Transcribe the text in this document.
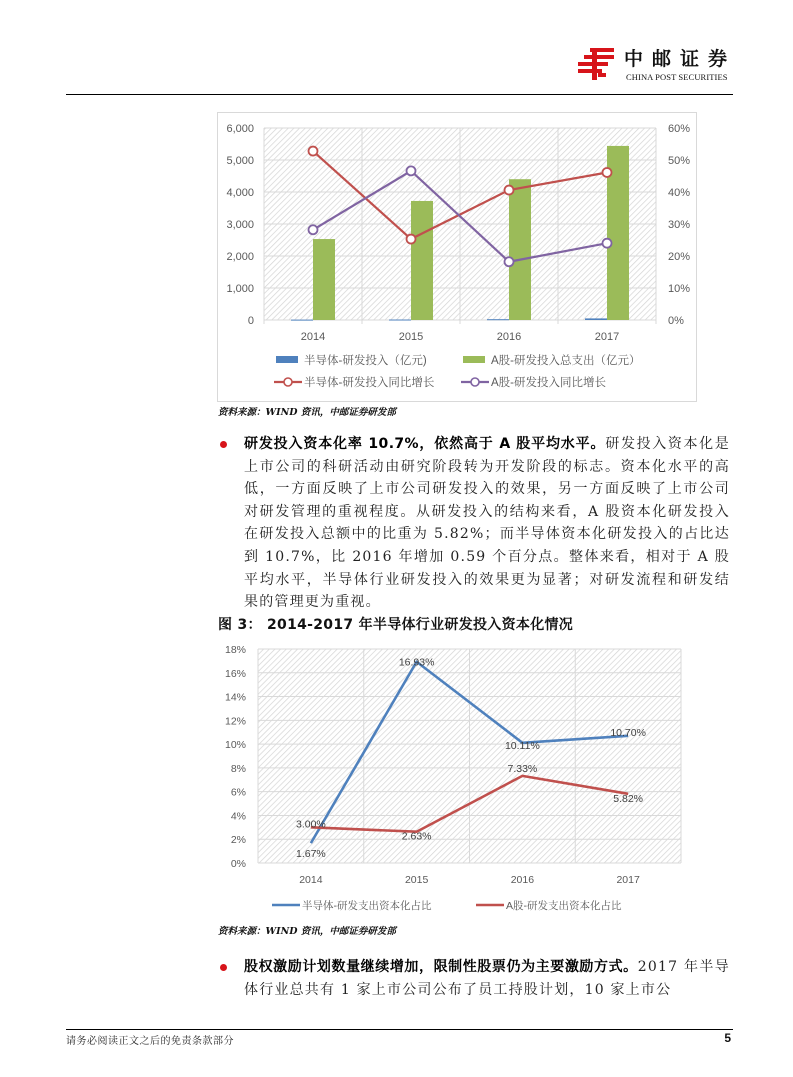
中邮证券
CHINA POST SECURITIES
0
1,000
2,000
3,000
4,000
5,000
6,000
0%
10%
20%
30%
40%
50%
60%
2014	2015	2016	2017
半导体-研发投入（亿元)	A股-研发投入总支出（亿元）
半导体-研发投入同比增长	A股-研发投入同比增长
资料来源：WIND 资讯，中邮证券研发部
研发投入资本化率 10.7%，依然高于 A 股平均水平。研发投入资本化是上市公司的科研活动由研究阶段转为开发阶段的标志。资本化水平的高低，一方面反映了上市公司研发投入的效果，另一方面反映了上市公司对研发管理的重视程度。从研发投入的结构来看，A 股资本化研发投入在研发投入总额中的比重为 5.82%；而半导体资本化研发投入的占比达到 10.7%，比 2016 年增加 0.59 个百分点。整体来看，相对于 A 股平均水平，半导体行业研发投入的效果更为显著；对研发流程和研发结果的管理更为重视。
图 3： 2014-2017 年半导体行业研发投入资本化情况
0%
2%
4%
6%
8%
10%
12%
14%
16%
18%
2014	2015	2016	2017
1.67%
16.93%
10.11%
10.70%
3.00%
2.63%
7.33%
5.82%
半导体-研发支出资本化占比	A股-研发支出资本化占比
资料来源：WIND 资讯，中邮证券研发部
股权激励计划数量继续增加，限制性股票仍为主要激励方式。2017 年半导体行业总共有 1 家上市公司公布了员工持股计划，10 家上市公
请务必阅读正文之后的免责条款部分	5
